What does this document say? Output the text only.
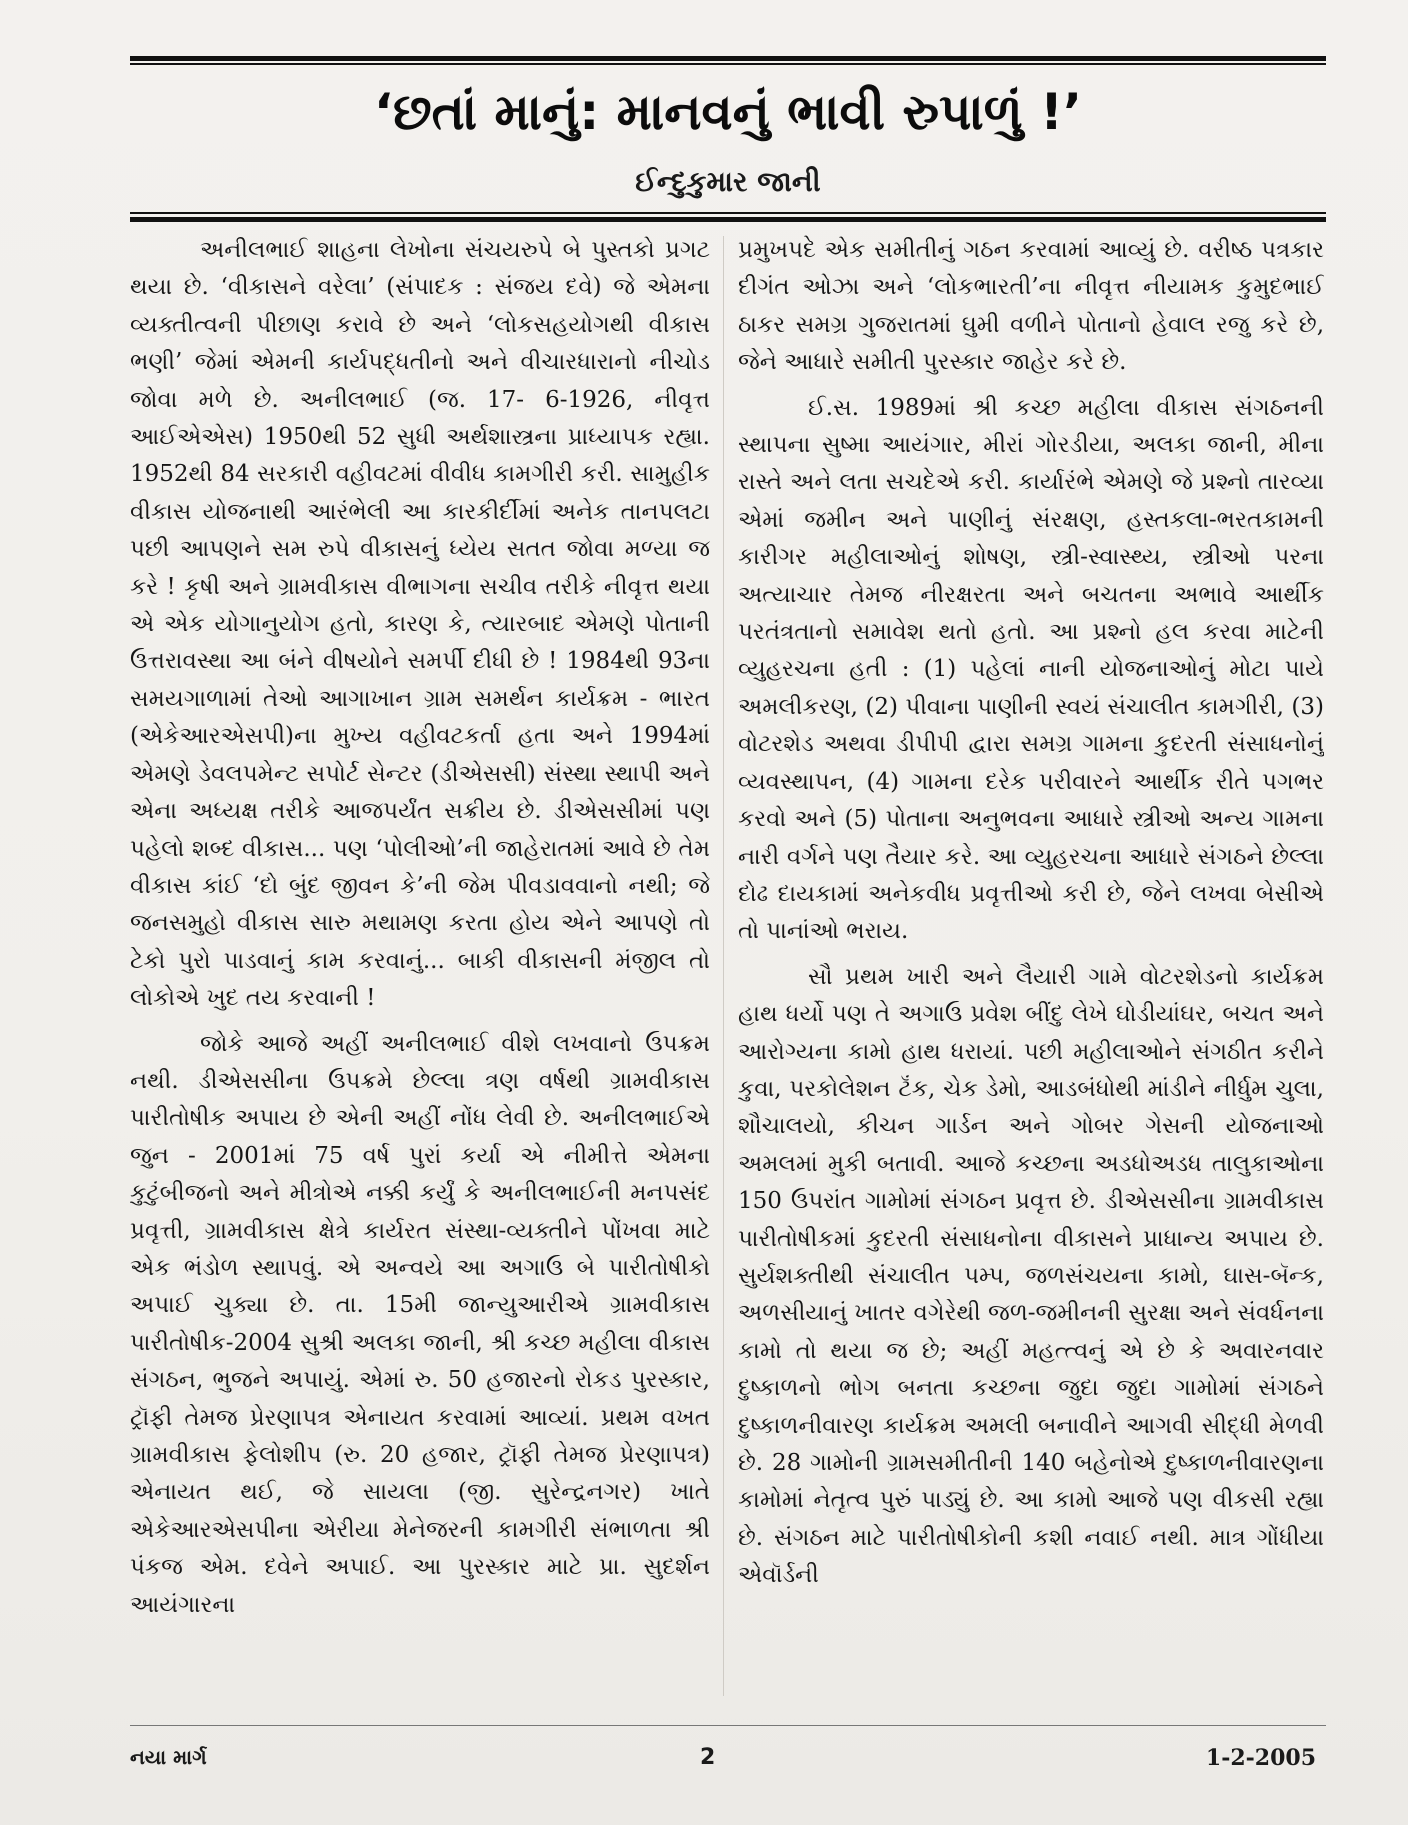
‘છતાં માનું: માનવનું ભાવી રુપાળું !’
ઈન્દુકુમાર જાની

અનીલભાઈ શાહના લેખોના સંચયરુપે બે પુસ્તકો પ્રગટ થયા છે. ‘વીકાસને વરેલા’ (સંપાદક : સંજય દવે) જે એમના વ્યક્તીત્વની પીછાણ કરાવે છે અને ‘લોકસહયોગથી વીકાસ ભણી’ જેમાં એમની કાર્યપદ્ધતીનો અને વીચારધારાનો નીચોડ જોવા મળે છે. અનીલભાઈ (જ. 17- 6-1926, નીવૃત્ત આઈએએસ) 1950થી 52 સુધી અર્થશાસ્ત્રના પ્રાધ્યાપક રહ્યા. 1952થી 84 સરકારી વહીવટમાં વીવીધ કામગીરી કરી. સામુહીક વીકાસ યોજનાથી આરંભેલી આ કારકીર્દીમાં અનેક તાનપલટા પછી આપણને સમ રુપે વીકાસનું ધ્યેય સતત જોવા મળ્યા જ કરે ! કૃષી અને ગ્રામવીકાસ વીભાગના સચીવ તરીકે નીવૃત્ત થયા એ એક યોગાનુયોગ હતો, કારણ કે, ત્યારબાદ એમણે પોતાની ઉત્તરાવસ્થા આ બંને વીષયોને સમર્પી દીધી છે ! 1984થી 93ના સમયગાળામાં તેઓ આગાખાન ગ્રામ સમર્થન કાર્યક્રમ - ભારત (એકેઆરએસપી)ના મુખ્ય વહીવટકર્તા હતા અને 1994માં એમણે ડેવલપમેન્ટ સપોર્ટ સેન્ટર (ડીએસસી) સંસ્થા સ્થાપી અને એના અધ્યક્ષ તરીકે આજપર્યંત સક્રીય છે. ડીએસસીમાં પણ પહેલો શબ્દ વીકાસ... પણ ‘પોલીઓ’ની જાહેરાતમાં આવે છે તેમ વીકાસ કાંઈ ‘દો બુંદ જીવન કે’ની જેમ પીવડાવવાનો નથી; જે જનસમુહો વીકાસ સારુ મથામણ કરતા હોય એને આપણે તો ટેકો પુરો પાડવાનું કામ કરવાનું... બાકી વીકાસની મંજીલ તો લોકોએ ખુદ તય કરવાની !

જોકે આજે અહીં અનીલભાઈ વીશે લખવાનો ઉપક્રમ નથી. ડીએસસીના ઉપક્રમે છેલ્લા ત્રણ વર્ષથી ગ્રામવીકાસ પારીતોષીક અપાય છે એની અહીં નોંધ લેવી છે. અનીલભાઈએ જુન - 2001માં 75 વર્ષ પુરાં કર્યા એ નીમીત્તે એમના કુટુંબીજનો અને મીત્રોએ નક્કી કર્યું કે અનીલભાઈની મનપસંદ પ્રવૃત્તી, ગ્રામવીકાસ ક્ષેત્રે કાર્યરત સંસ્થા-વ્યક્તીને પોંખવા માટે એક ભંડોળ સ્થાપવું. એ અન્વયે આ અગાઉ બે પારીતોષીકો અપાઈ ચુક્યા છે. તા. 15મી જાન્યુઆરીએ ગ્રામવીકાસ પારીતોષીક-2004 સુશ્રી અલકા જાની, શ્રી કચ્છ મહીલા વીકાસ સંગઠન, ભુજને અપાયું. એમાં રુ. 50 હજારનો રોકડ પુરસ્કાર, ટ્રૉફી તેમજ પ્રેરણાપત્ર એનાયત કરવામાં આવ્યાં. પ્રથમ વખત ગ્રામવીકાસ ફેલોશીપ (રુ. 20 હજાર, ટ્રૉફી તેમજ પ્રેરણાપત્ર) એનાયત થઈ, જે સાયલા (જી. સુરેન્દ્રનગર) ખાતે એકેઆરએસપીના એરીયા મેનેજરની કામગીરી સંભાળતા શ્રી પંકજ એમ. દવેને અપાઈ. આ પુરસ્કાર માટે પ્રા. સુદર્શન આયંગારના

પ્રમુખપદે એક સમીતીનું ગઠન કરવામાં આવ્યું છે. વરીષ્ઠ પત્રકાર દીગંત ઓઝા અને ‘લોકભારતી’ના નીવૃત્ત નીયામક કુમુદભાઈ ઠાકર સમગ્ર ગુજરાતમાં ઘુમી વળીને પોતાનો હેવાલ રજુ કરે છે, જેને આધારે સમીતી પુરસ્કાર જાહેર કરે છે.

ઈ.સ. 1989માં શ્રી કચ્છ મહીલા વીકાસ સંગઠનની સ્થાપના સુષ્મા આયંગાર, મીરાં ગોરડીયા, અલકા જાની, મીના રાસ્તે અને લતા સચદેએ કરી. કાર્યારંભે એમણે જે પ્રશ્નો તારવ્યા એમાં જમીન અને પાણીનું સંરક્ષણ, હસ્તકલા-ભરતકામની કારીગર મહીલાઓનું શોષણ, સ્ત્રી-સ્વાસ્થ્ય, સ્ત્રીઓ પરના અત્યાચાર તેમજ નીરક્ષરતા અને બચતના અભાવે આર્થીક પરતંત્રતાનો સમાવેશ થતો હતો. આ પ્રશ્નો હલ કરવા માટેની વ્યુહરચના હતી : (1) પહેલાં નાની યોજનાઓનું મોટા પાયે અમલીકરણ, (2) પીવાના પાણીની સ્વયં સંચાલીત કામગીરી, (3) વોટરશેડ અથવા ડીપીપી દ્વારા સમગ્ર ગામના કુદરતી સંસાધનોનું વ્યવસ્થાપન, (4) ગામના દરેક પરીવારને આર્થીક રીતે પગભર કરવો અને (5) પોતાના અનુભવના આધારે સ્ત્રીઓ અન્ય ગામના નારી વર્ગને પણ તૈયાર કરે. આ વ્યુહરચના આધારે સંગઠને છેલ્લા દોઢ દાયકામાં અનેકવીધ પ્રવૃત્તીઓ કરી છે, જેને લખવા બેસીએ તો પાનાંઓ ભરાય.

સૌ પ્રથમ ખારી અને લૈયારી ગામે વોટરશેડનો કાર્યક્રમ હાથ ધર્યો પણ તે અગાઉ પ્રવેશ બીંદુ લેખે ઘોડીયાંઘર, બચત અને આરોગ્યના કામો હાથ ધરાયાં. પછી મહીલાઓને સંગઠીત કરીને કુવા, પરકોલેશન ટૅંક, ચેક ડેમો, આડબંધોથી માંડીને નીર્ધુમ ચુલા, શૌચાલયો, કીચન ગાર્ડન અને ગોબર ગેસની યોજનાઓ અમલમાં મુકી બતાવી. આજે કચ્છના અડધોઅડધ તાલુકાઓના 150 ઉપરાંત ગામોમાં સંગઠન પ્રવૃત્ત છે. ડીએસસીના ગ્રામવીકાસ પારીતોષીકમાં કુદરતી સંસાધનોના વીકાસને પ્રાધાન્ય અપાય છે. સુર્યશક્તીથી સંચાલીત પમ્પ, જળસંચયના કામો, ઘાસ-બૅન્ક, અળસીયાનું ખાતર વગેરેથી જળ-જમીનની સુરક્ષા અને સંવર્ધનના કામો તો થયા જ છે; અહીં મહત્ત્વનું એ છે કે અવારનવાર દુષ્કાળનો ભોગ બનતા કચ્છના જુદા જુદા ગામોમાં સંગઠને દુષ્કાળનીવારણ કાર્યક્રમ અમલી બનાવીને આગવી સીદ્ધી મેળવી છે. 28 ગામોની ગ્રામસમીતીની 140 બહેનોએ દુષ્કાળનીવારણના કામોમાં નેતૃત્વ પુરું પાડ્યું છે. આ કામો આજે પણ વીકસી રહ્યા છે. સંગઠન માટે પારીતોષીકોની કશી નવાઈ નથી. માત્ર ગોંધીયા એવૉર્ડની

નયા માર્ગ	2	1-2-2005
